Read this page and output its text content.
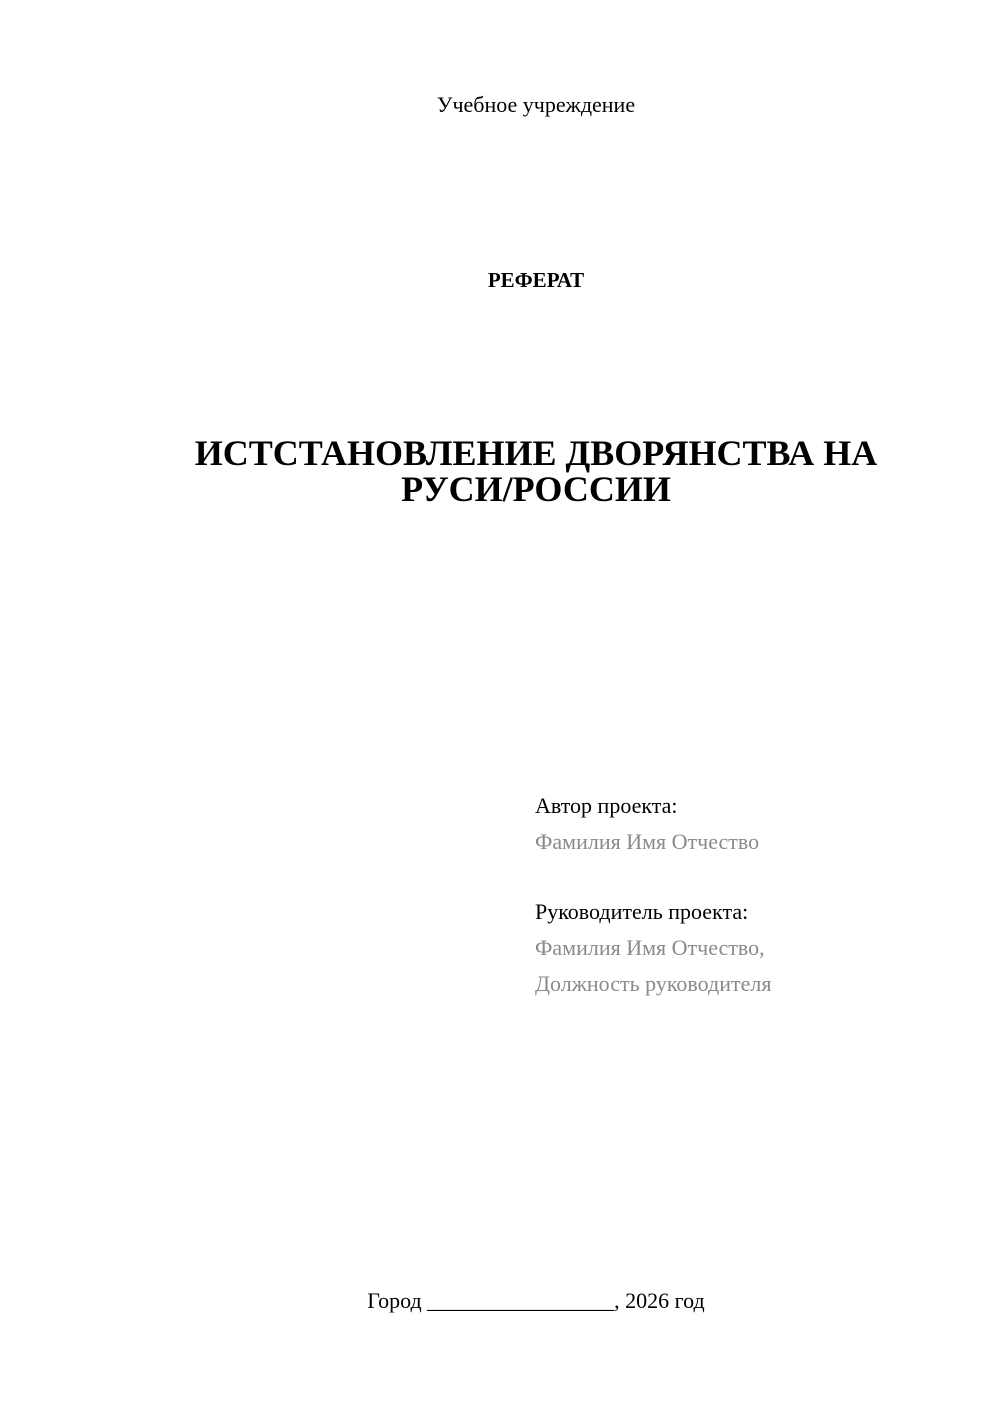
Учебное учреждение
РЕФЕРАТ
ИСТСТАНОВЛЕНИЕ ДВОРЯНСТВА НА
РУСИ/РОССИИ
Автор проекта:
Фамилия Имя Отчество
Руководитель проекта:
Фамилия Имя Отчество,
Должность руководителя
Город _________________, 2026 год
